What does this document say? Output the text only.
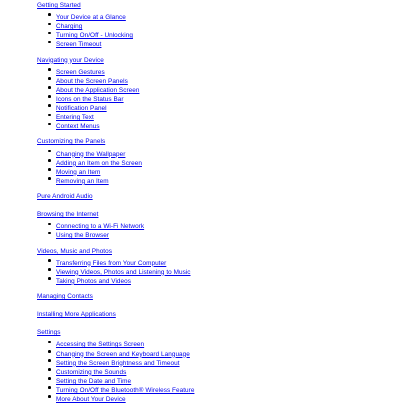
Getting Started
Your Device at a Glance
Charging
Turning On/Off - Unlocking
Screen Timeout
Navigating your Device
Screen Gestures
About the Screen Panels
About the Application Screen
Icons on the Status Bar
Notification Panel
Entering Text
Context Menus
Customizing the Panels
Changing the Wallpaper
Adding an Item on the Screen
Moving an Item
Removing an Item
Pure Android Audio
Browsing the Internet
Connecting to a Wi-Fi Network
Using the Browser
Videos, Music and Photos
Transferring Files from Your Computer
Viewing Videos, Photos and Listening to Music
Taking Photos and Videos
Managing Contacts
Installing More Applications
Settings
Accessing the Settings Screen
Changing the Screen and Keyboard Language
Setting the Screen Brightness and Timeout
Customizing the Sounds
Setting the Date and Time
Turning On/Off the Bluetooth® Wireless Feature
More About Your Device
